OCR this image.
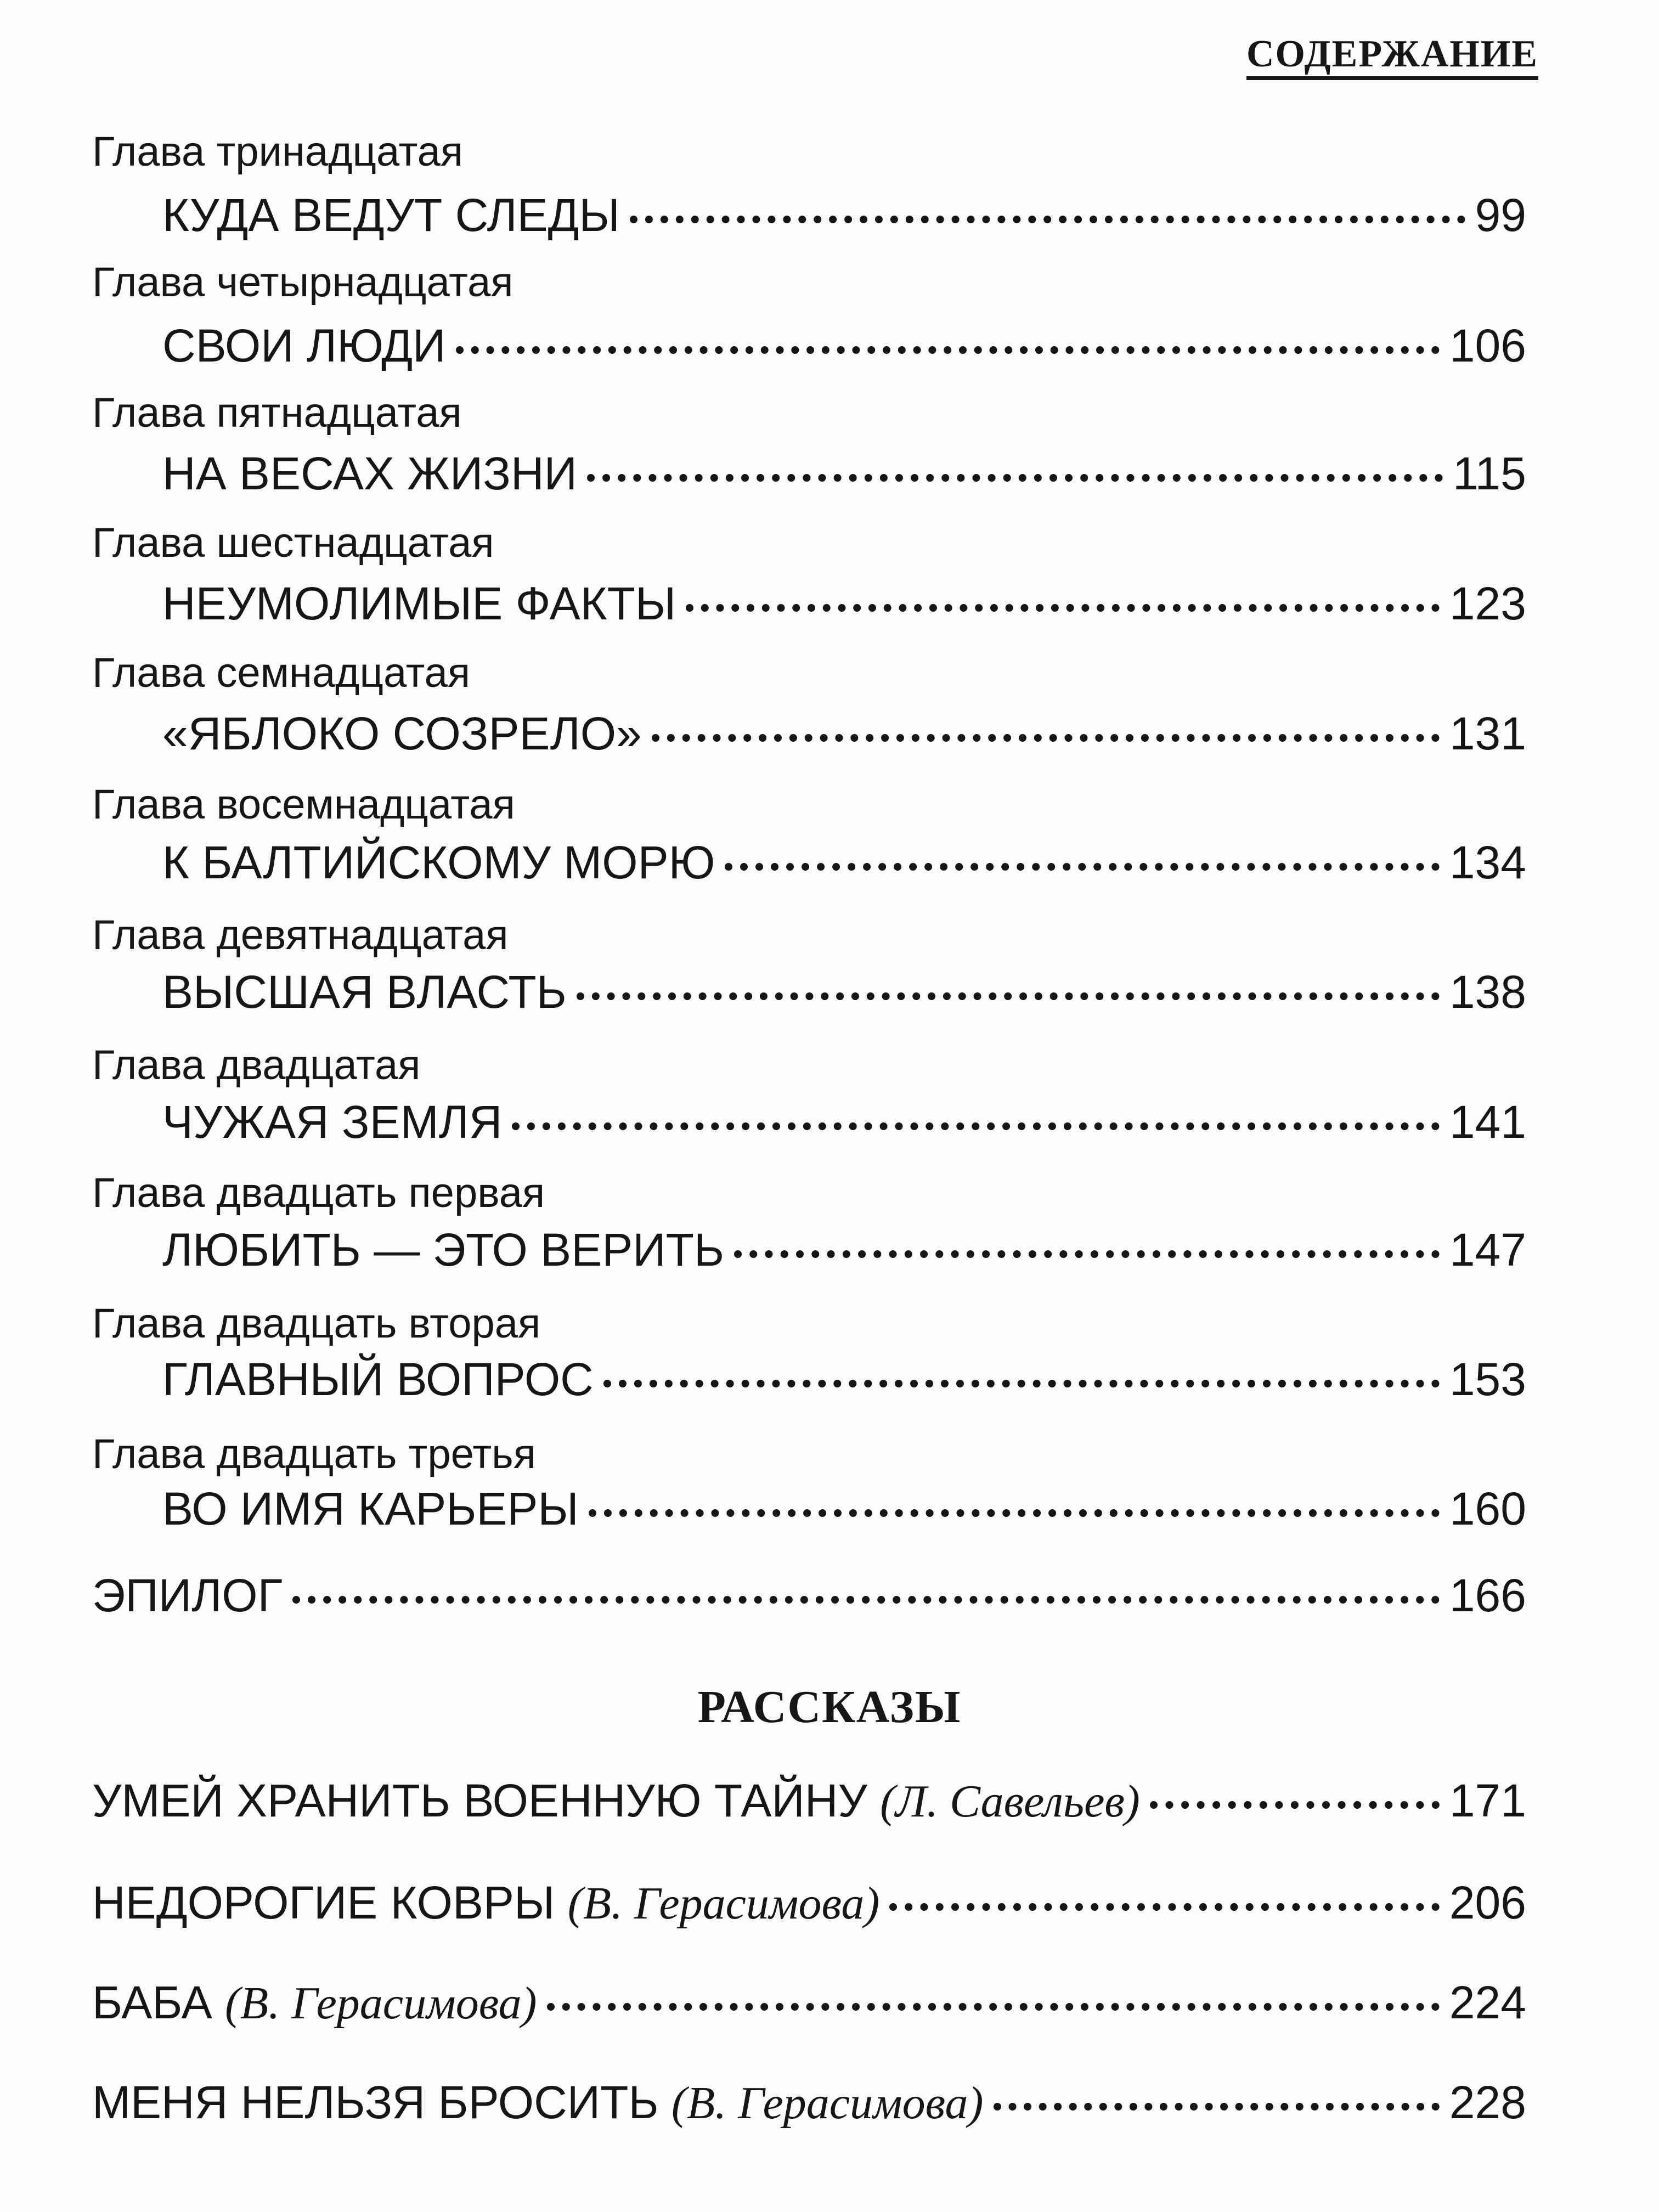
СОДЕРЖАНИЕ
Глава тринадцатая
КУДА ВЕДУТ СЛЕДЫ	99
Глава четырнадцатая
СВОИ ЛЮДИ	106
Глава пятнадцатая
НА ВЕСАХ ЖИЗНИ	115
Глава шестнадцатая
НЕУМОЛИМЫЕ ФАКТЫ	123
Глава семнадцатая
«ЯБЛОКО СОЗРЕЛО»	131
Глава восемнадцатая
К БАЛТИЙСКОМУ МОРЮ	134
Глава девятнадцатая
ВЫСШАЯ ВЛАСТЬ	138
Глава двадцатая
ЧУЖАЯ ЗЕМЛЯ	141
Глава двадцать первая
ЛЮБИТЬ — ЭТО ВЕРИТЬ	147
Глава двадцать вторая
ГЛАВНЫЙ ВОПРОС	153
Глава двадцать третья
ВО ИМЯ КАРЬЕРЫ	160
ЭПИЛОГ	166
РАССКАЗЫ
УМЕЙ ХРАНИТЬ ВОЕННУЮ ТАЙНУ (Л. Савельев)	171
НЕДОРОГИЕ КОВРЫ (В. Герасимова)	206
БАБА (В. Герасимова)	224
МЕНЯ НЕЛЬЗЯ БРОСИТЬ (В. Герасимова)	228
